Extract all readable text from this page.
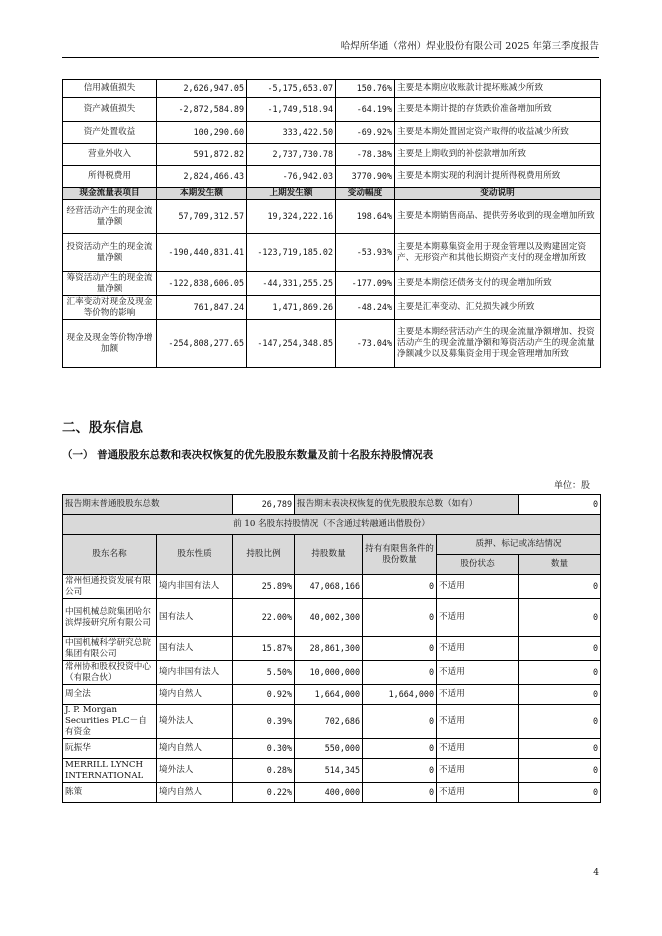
哈焊所华通（常州）焊业股份有限公司 2025 年第三季度报告
信用减值损失	2,626,947.05	-5,175,653.07	150.76%	主要是本期应收账款计提坏账减少所致
资产减值损失	-2,872,584.89	-1,749,518.94	-64.19%	主要是本期计提的存货跌价准备增加所致
资产处置收益	100,290.60	333,422.50	-69.92%	主要是本期处置固定资产取得的收益减少所致
营业外收入	591,872.82	2,737,730.78	-78.38%	主要是上期收到的补偿款增加所致
所得税费用	2,824,466.43	-76,942.03	3770.90%	主要是本期实现的利润计提所得税费用所致
现金流量表项目	本期发生额	上期发生额	变动幅度	变动说明
经营活动产生的现金流量净额	57,709,312.57	19,324,222.16	198.64%	主要是本期销售商品、提供劳务收到的现金增加所致
投资活动产生的现金流量净额	-190,440,831.41	-123,719,185.02	-53.93%	主要是本期募集资金用于现金管理以及购建固定资产、无形资产和其他长期资产支付的现金增加所致
筹资活动产生的现金流量净额	-122,838,606.05	-44,331,255.25	-177.09%	主要是本期偿还债务支付的现金增加所致
汇率变动对现金及现金等价物的影响	761,847.24	1,471,869.26	-48.24%	主要是汇率变动、汇兑损失减少所致
现金及现金等价物净增加额	-254,808,277.65	-147,254,348.85	-73.04%	主要是本期经营活动产生的现金流量净额增加、投资活动产生的现金流量净额和筹资活动产生的现金流量净额减少以及募集资金用于现金管理增加所致
二、股东信息
（一） 普通股股东总数和表决权恢复的优先股股东数量及前十名股东持股情况表
单位：股
报告期末普通股股东总数		26,789	报告期末表决权恢复的优先股股东总数（如有）			0
前 10 名股东持股情况（不含通过转融通出借股份）						
股东名称	股东性质	持股比例	持股数量	持有有限售条件的股份数量	质押、标记或冻结情况	
					股份状态	数量
常州恒通投资发展有限公司	境内非国有法人	25.89%	47,068,166	0	不适用	0
中国机械总院集团哈尔滨焊接研究所有限公司	国有法人	22.00%	40,002,300	0	不适用	0
中国机械科学研究总院集团有限公司	国有法人	15.87%	28,861,300	0	不适用	0
常州协和股权投资中心（有限合伙）	境内非国有法人	5.50%	10,000,000	0	不适用	0
周全法	境内自然人	0.92%	1,664,000	1,664,000	不适用	0
J. P. Morgan Securities PLC－自有资金	境外法人	0.39%	702,686	0	不适用	0
阮振华	境内自然人	0.30%	550,000	0	不适用	0
MERRILL LYNCH INTERNATIONAL	境外法人	0.28%	514,345	0	不适用	0
陈策	境内自然人	0.22%	400,000	0	不适用	0
4
